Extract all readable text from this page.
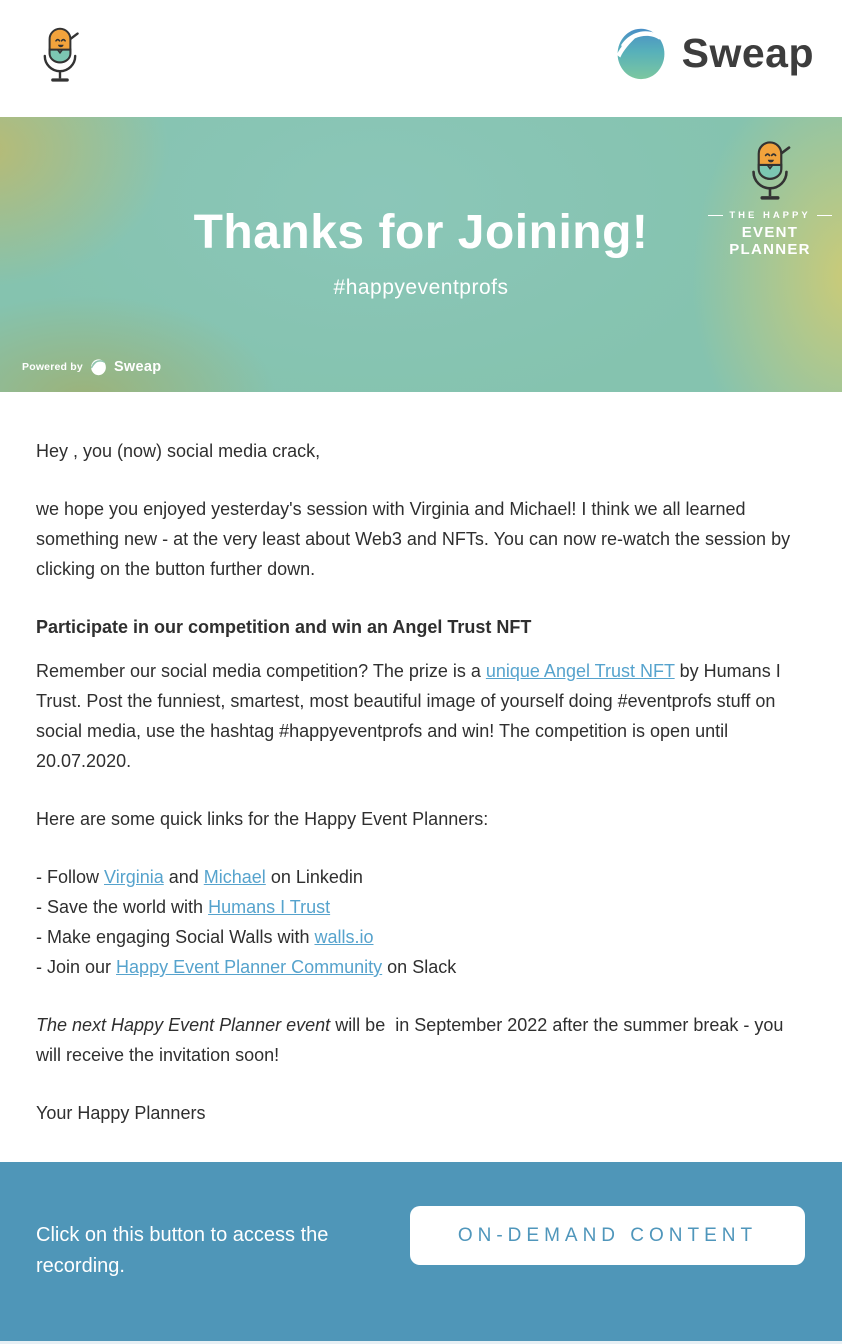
Sweap
THE HAPPY
EVENT PLANNER
Thanks for Joining!
#happyeventprofs
Powered by Sweap

Hey , you (now) social media crack,

we hope you enjoyed yesterday's session with Virginia and Michael! I think we all learned something new - at the very least about Web3 and NFTs. You can now re-watch the session by clicking on the button further down.

Participate in our competition and win an Angel Trust NFT

Remember our social media competition? The prize is a unique Angel Trust NFT by Humans I Trust. Post the funniest, smartest, most beautiful image of yourself doing #eventprofs stuff on social media, use the hashtag #happyeventprofs and win! The competition is open until 20.07.2020.

Here are some quick links for the Happy Event Planners:

- Follow Virginia and Michael on Linkedin
- Save the world with Humans I Trust
- Make engaging Social Walls with walls.io
- Join our Happy Event Planner Community on Slack

The next Happy Event Planner event will be  in September 2022 after the summer break - you will receive the invitation soon!

Your Happy Planners

Click on this button to access the recording.
ON-DEMAND CONTENT
